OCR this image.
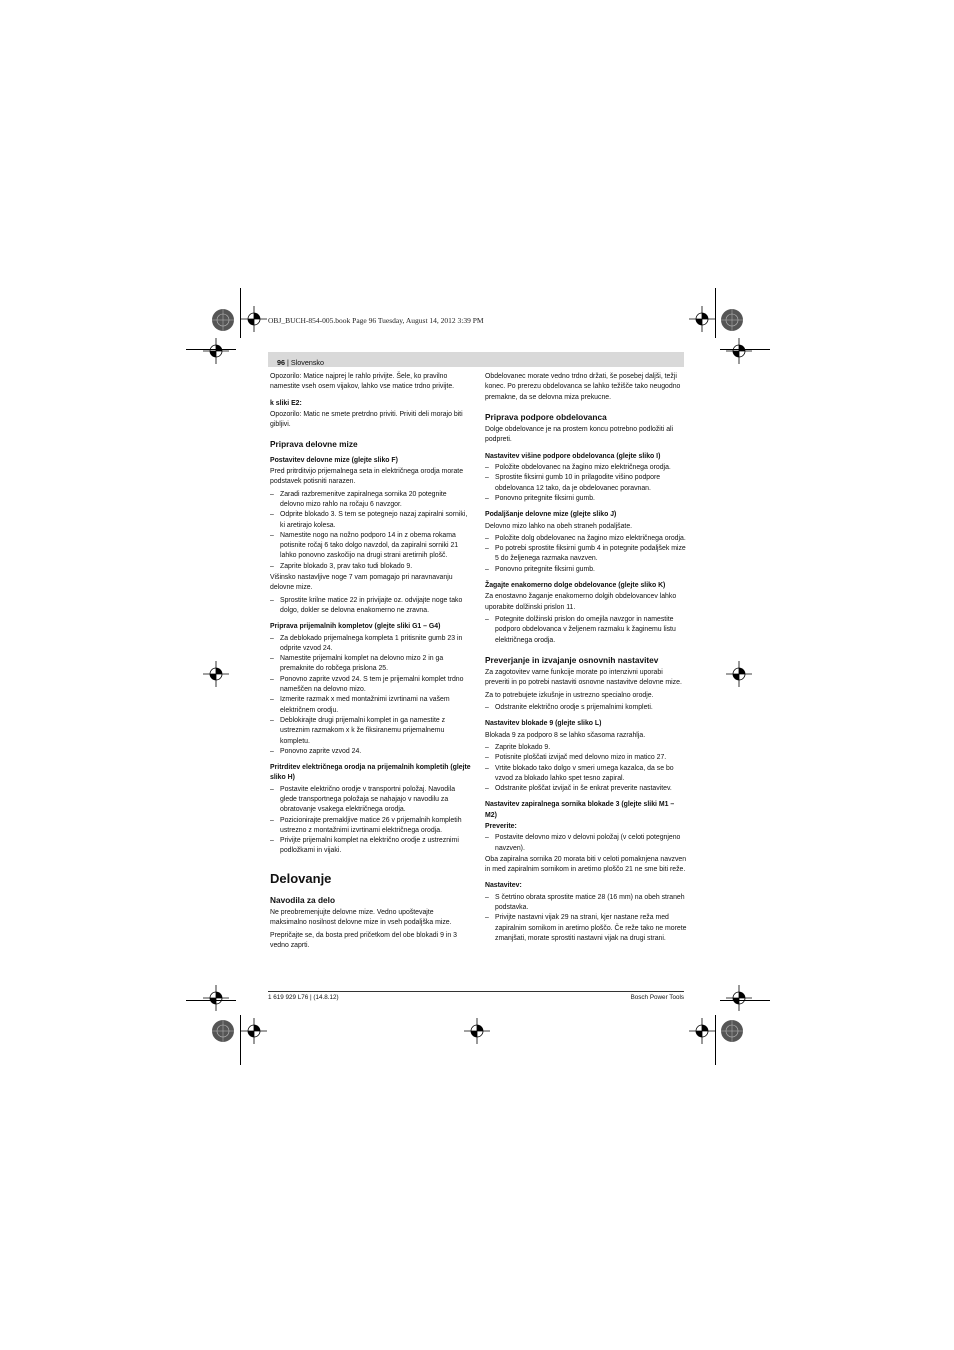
OBJ_BUCH-854-005.book Page 96 Tuesday, August 14, 2012 3:39 PM
96 | Slovensko

Opozorilo: Matice najprej le rahlo privijte. Šele, ko pravilno namestite vseh osem vijakov, lahko vse matice trdno privijte.

k sliki E2:

Opozorilo: Matic ne smete pretrdno priviti. Priviti deli morajo biti gibljivi.

Priprava delovne mize

Postavitev delovne mize (glejte sliko F)

Pred pritrditvijo prijemalnega seta in električnega orodja morate podstavek potisniti narazen.

– Zaradi razbremenitve zapiralnega sornika 20 potegnite delovno mizo rahlo na ročaju 6 navzgor.
– Odprite blokado 3. S tem se potegnejo nazaj zapiralni sorniki, ki aretirajo kolesa.
– Namestite nogo na nožno podporo 14 in z obema rokama potisnite ročaj 6 tako dolgo navzdol, da zapiralni sorniki 21 lahko ponovno zaskočijo na drugi strani aretirnih plošč.
– Zaprite blokado 3, prav tako tudi blokado 9.

Višinsko nastavljive noge 7 vam pomagajo pri naravnavanju delovne mize.

– Sprostite krilne matice 22 in privijajte oz. odvijajte noge tako dolgo, dokler se delovna enakomerno ne zravna.

Priprava prijemalnih kompletov (glejte sliki G1 – G4)

– Za deblokado prijemalnega kompleta 1 pritisnite gumb 23 in odprite vzvod 24.
– Namestite prijemalni komplet na delovno mizo 2 in ga premaknite do robčega prislona 25.
– Ponovno zaprite vzvod 24. S tem je prijemalni komplet trdno nameščen na delovno mizo.
– Izmerite razmak x med montažnimi izvrtinami na vašem električnem orodju.
– Deblokirajte drugi prijemalni komplet in ga namestite z ustreznim razmakom x k že fiksiranemu prijemalnemu kompletu.
– Ponovno zaprite vzvod 24.

Pritrditev električnega orodja na prijemalnih kompletih (glejte sliko H)

– Postavite električno orodje v transportni položaj. Navodila glede transportnega položaja se nahajajo v navodilu za obratovanje vsakega električnega orodja.
– Pozicionirajte premakljive matice 26 v prijemalnih kompletih ustrezno z montažnimi izvrtinami električnega orodja.
– Privijte prijemalni komplet na električno orodje z ustreznimi podložkami in vijaki.

Delovanje

Navodila za delo

Ne preobremenjujte delovne mize. Vedno upoštevajte maksimalno nosilnost delovne mize in vseh podaljška mize.

Prepričajte se, da bosta pred pričetkom del obe blokadi 9 in 3 vedno zaprti.

Obdelovanec morate vedno trdno držati, še posebej daljši, težji konec. Po prerezu obdelovanca se lahko težišče tako neugodno premakne, da se delovna miza prekucne.

Priprava podpore obdelovanca

Dolge obdelovance je na prostem koncu potrebno podložiti ali podpreti.

Nastavitev višine podpore obdelovanca (glejte sliko I)

– Položite obdelovanec na žagino mizo električnega orodja.
– Sprostite fiksirni gumb 10 in prilagodite višino podpore obdelovanca 12 tako, da je obdelovanec poravnan.
– Ponovno pritegnite fiksirni gumb.

Podaljšanje delovne mize (glejte sliko J)

Delovno mizo lahko na obeh straneh podaljšate.

– Položite dolg obdelovanec na žagino mizo električnega orodja.
– Po potrebi sprostite fiksirni gumb 4 in potegnite podaljšek mize 5 do željenega razmaka navzven.
– Ponovno pritegnite fiksirni gumb.

Žagajte enakomerno dolge obdelovance (glejte sliko K)

Za enostavno žaganje enakomerno dolgih obdelovancev lahko uporabite dolžinski prislon 11.

– Potegnite dolžinski prislon do omejila navzgor in namestite podporo obdelovanca v željenem razmaku k žaginemu listu električnega orodja.

Preverjanje in izvajanje osnovnih nastavitev

Za zagotovitev varne funkcije morate po intenzivni uporabi preveriti in po potrebi nastaviti osnovne nastavitve delovne mize.

Za to potrebujete izkušnje in ustrezno specialno orodje.

– Odstranite električno orodje s prijemalnimi kompleti.

Nastavitev blokade 9 (glejte sliko L)

Blokada 9 za podporo 8 se lahko sčasoma razrahlja.

– Zaprite blokado 9.
– Potisnite ploščati izvijač med delovno mizo in matico 27.
– Vrtite blokado tako dolgo v smeri urnega kazalca, da se bo vzvod za blokado lahko spet tesno zapiral.
– Odstranite ploščat izvijač in še enkrat preverite nastavitev.

Nastavitev zapiralnega sornika blokade 3 (glejte sliki M1 – M2)

Preverite:

– Postavite delovno mizo v delovni položaj (v celoti potegnjeno navzven).

Oba zapiralna sornika 20 morata biti v celoti pomaknjena navzven in med zapiralnim sornikom in aretirno ploščo 21 ne sme biti reže.

Nastavitev:

– S četrtino obrata sprostite matice 28 (16 mm) na obeh straneh podstavka.
– Privijte nastavni vijak 29 na strani, kjer nastane reža med zapiralnim sornikom in aretirno ploščo. Če reže tako ne morete zmanjšati, morate sprostiti nastavni vijak na drugi strani.
1 619 929 L76 | (14.8.12)	Bosch Power Tools
